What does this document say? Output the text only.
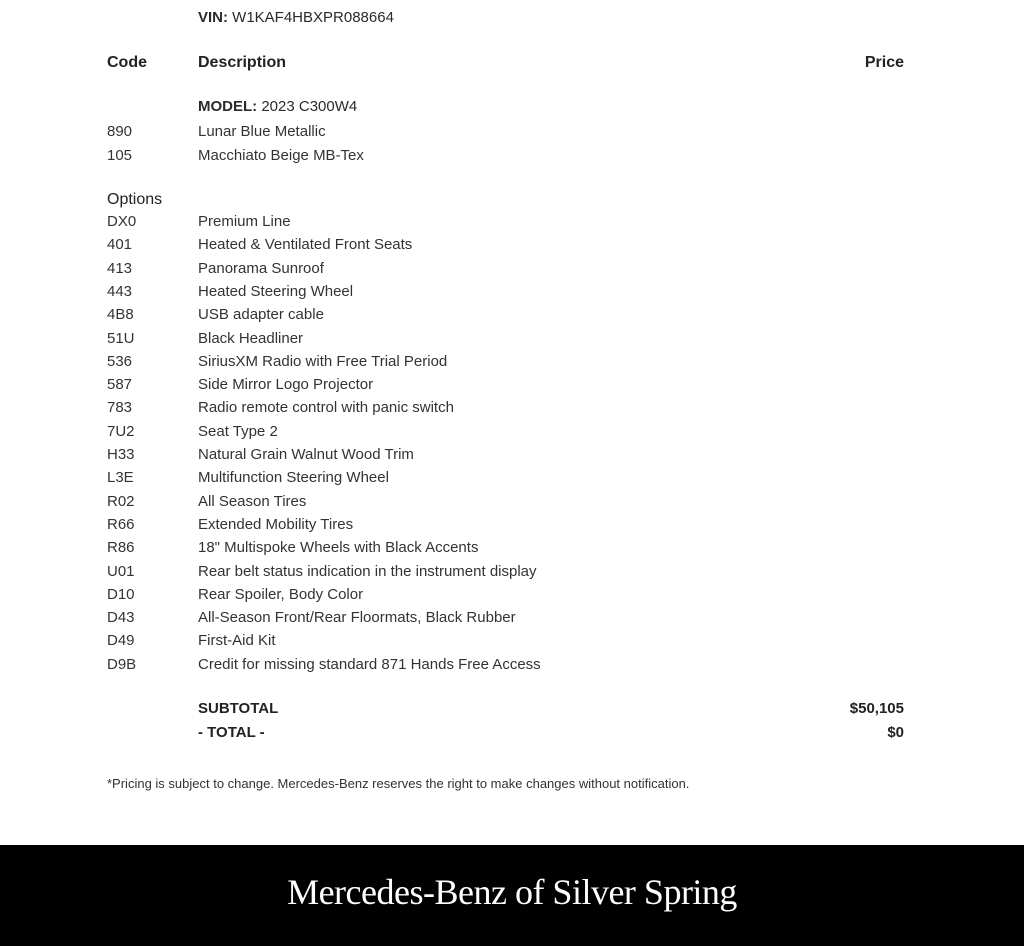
VIN: W1KAF4HBXPR088664
Code	Description	Price
MODEL: 2023 C300W4
890	Lunar Blue Metallic
105	Macchiato Beige MB-Tex
Options
DX0	Premium Line
401	Heated & Ventilated Front Seats
413	Panorama Sunroof
443	Heated Steering Wheel
4B8	USB adapter cable
51U	Black Headliner
536	SiriusXM Radio with Free Trial Period
587	Side Mirror Logo Projector
783	Radio remote control with panic switch
7U2	Seat Type 2
H33	Natural Grain Walnut Wood Trim
L3E	Multifunction Steering Wheel
R02	All Season Tires
R66	Extended Mobility Tires
R86	18" Multispoke Wheels with Black Accents
U01	Rear belt status indication in the instrument display
D10	Rear Spoiler, Body Color
D43	All-Season Front/Rear Floormats, Black Rubber
D49	First-Aid Kit
D9B	Credit for missing standard 871 Hands Free Access
SUBTOTAL	$50,105
- TOTAL -	$0
*Pricing is subject to change. Mercedes-Benz reserves the right to make changes without notification.
Mercedes-Benz of Silver Spring
